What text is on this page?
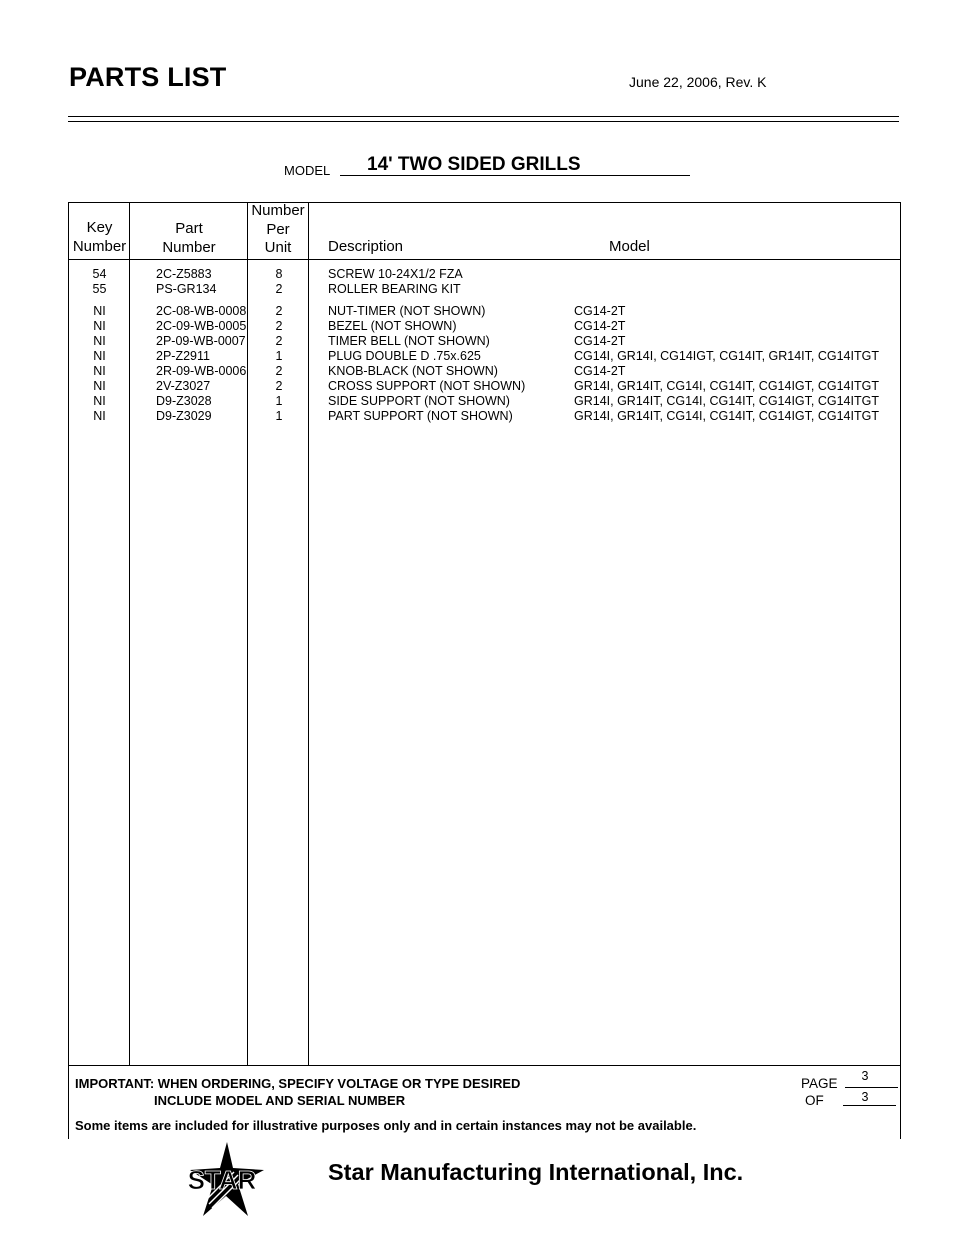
PARTS LIST	June 22, 2006, Rev. K
MODEL 14' TWO SIDED GRILLS
Key
Number
Part
Number
Number
Per
Unit	Description	Model
54	2C-Z5883	8	SCREW 10-24X1/2 FZA
55	PS-GR134	2	ROLLER BEARING KIT
NI	2C-08-WB-0008	2	NUT-TIMER (NOT SHOWN)	CG14-2T
NI	2C-09-WB-0005	2	BEZEL (NOT SHOWN)	CG14-2T
NI	2P-09-WB-0007	2	TIMER BELL (NOT SHOWN)	CG14-2T
NI	2P-Z2911	1	PLUG DOUBLE D .75x.625	CG14I, GR14I, CG14IGT, CG14IT, GR14IT, CG14ITGT
NI	2R-09-WB-0006	2	KNOB-BLACK (NOT SHOWN)	CG14-2T
NI	2V-Z3027	2	CROSS SUPPORT (NOT SHOWN)	GR14I, GR14IT, CG14I, CG14IT, CG14IGT, CG14ITGT
NI	D9-Z3028	1	SIDE SUPPORT (NOT SHOWN)	GR14I, GR14IT, CG14I, CG14IT, CG14IGT, CG14ITGT
NI	D9-Z3029	1	PART SUPPORT (NOT SHOWN)	GR14I, GR14IT, CG14I, CG14IT, CG14IGT, CG14ITGT
IMPORTANT: WHEN ORDERING, SPECIFY VOLTAGE OR TYPE DESIRED
INCLUDE MODEL AND SERIAL NUMBER
Some items are included for illustrative purposes only and in certain instances may not be available.
PAGE	3
OF	3
STAR	Star Manufacturing International, Inc.
